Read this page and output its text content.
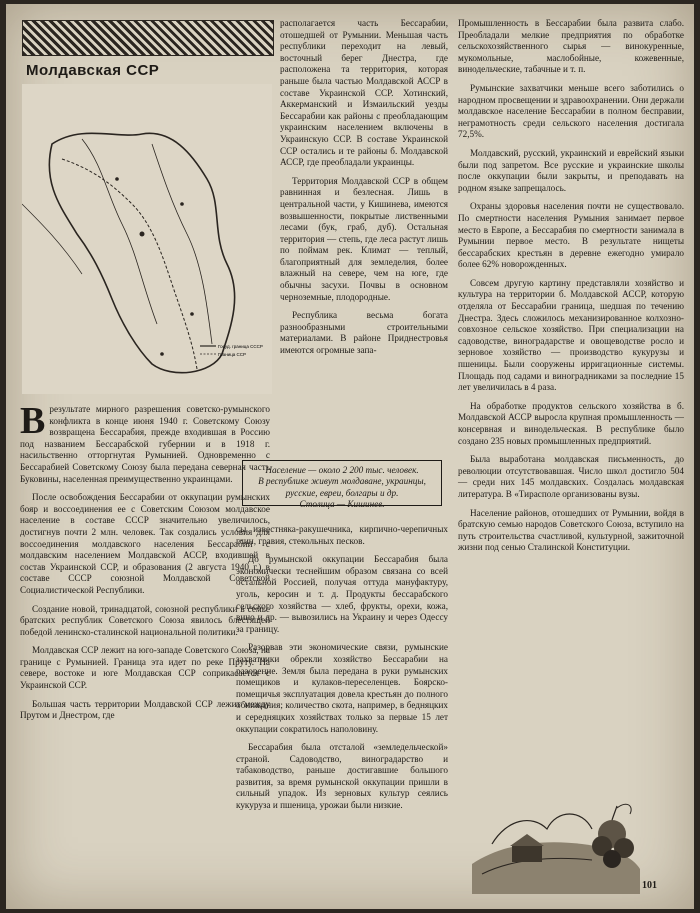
Молдавская ССР
Госуд. граница СССР
Граница ССР

Врезультате мирного разрешения советско-румынского конфликта в конце июня 1940 г. Советскому Союзу возвращена Бессарабия, прежде входившая в Россию под названием Бессарабской губернии и в 1918 г. насильственно отторгнутая Румынией. Одновременно с Бессарабией Советскому Союзу была передана северная часть Буковины, населенная преимущественно украинцами.

После освобождения Бессарабии от оккупации румынских бояр и воссоединения ее с Советским Союзом молдавское население в составе СССР значительно увеличилось, достигнув почти 2 млн. человек. Так создались условия для воссоединения молдавского населения Бессарабии с молдавским населением Молдавской АССР, входившей в состав Украинской ССР, и образования (2 августа 1940 г.) в составе СССР союзной Молдавской Советской Социалистической Республики.

Создание новой, тринадцатой, союзной республики в семье братских республик Советского Союза явилось блестящей победой ленинско-сталинской национальной политики.

Молдавская ССР лежит на юго-западе Советского Союза, на границе с Румынией. Граница эта идет по реке Пруту. На севере, востоке и юге Молдавская ССР соприкасается с Украинской ССР.

Большая часть территории Молдавской ССР лежит между Прутом и Днестром, где

располагается часть Бессарабии, отошедшей от Румынии. Меньшая часть республики переходит на левый, восточный берег Днестра, где расположена та территория, которая раньше была частью Молдавской АССР в составе Украинской ССР. Хотинский, Аккерманский и Измаильский уезды Бессарабии как районы с преобладающим украинским населением включены в Украинскую ССР. В составе Украинской ССР остались и те районы б. Молдавской АССР, где преобладали украинцы.

Территория Молдавской ССР в общем равнинная и безлесная. Лишь в центральной части, у Кишинева, имеются возвышенности, покрытые лиственными лесами (бук, граб, дуб). Остальная территория — степь, где леса растут лишь по поймам рек. Климат — теплый, благоприятный для земледелия, более влажный на севере, чем на юге, где обычны засухи. Почвы в основном черноземные, плодородные.

Республика весьма богата разнообразными строительными материалами. В районе Приднестровья имеются огромные запа-

Население — около 2 200 тыс. человек.
В республике живут молдаване, украинцы, русские, евреи, болгары и др.
Столица — Кишинев.

сы известняка-ракушечника, кирпично-черепичных глин, гравия, стекольных песков.

До румынской оккупации Бессарабия была экономически теснейшим образом связана со всей остальной Россией, получая оттуда мануфактуру, уголь, керосин и т. д. Продукты бессарабского сельского хозяйства — хлеб, фрукты, орехи, кожа, вино и др. — вывозились на Украину и через Одессу за границу.

Разорвав эти экономические связи, румынские захватчики обрекли хозяйство Бессарабии на разорение. Земля была передана в руки румынских помещиков и кулаков-переселенцев. Боярско-помещичья эксплуатация довела крестьян до полного обнищания; количество скота, например, в бедняцких и середняцких хозяйствах только за первые 15 лет оккупации сократилось наполовину.

Бессарабия была отсталой «земледельческой» страной. Садоводство, виноградарство и табаководство, раньше достигавшие большого развития, за время румынской оккупации пришли в сильный упадок. Из зерновых культур сеялись кукуруза и пшеница, урожаи были низкие.

Промышленность в Бессарабии была развита слабо. Преобладали мелкие предприятия по обработке сельскохозяйственного сырья — винокуренные, мукомольные, маслобойные, кожевенные, винодельческие, табачные и т. п.

Румынские захватчики меньше всего заботились о народном просвещении и здравоохранении. Они держали молдавское население Бессарабии в полном бесправии, неграмотность среди сельского населения достигала 72,5%.

Молдавский, русский, украинский и еврейский языки были под запретом. Все русские и украинские школы после оккупации были закрыты, и преподавать на родном языке запрещалось.

Охраны здоровья населения почти не существовало. По смертности населения Румыния занимает первое место в Европе, а Бессарабия по смертности занимала в Румынии первое место. В результате нищеты бессарабских крестьян в деревне ежегодно умирало более 62% новорожденных.

Совсем другую картину представляли хозяйство и культура на территории б. Молдавской АССР, которую отделяла от Бессарабии граница, шедшая по течению Днестра. Здесь сложилось механизированное колхозно-совхозное сельское хозяйство. При специализации на садоводстве, виноградарстве и овощеводстве росло и зерновое хозяйство — производство кукурузы и пшеницы. Были сооружены ирригационные системы. Площадь под садами и виноградниками за последние 15 лет увеличилась в 4 раза.

На обработке продуктов сельского хозяйства в б. Молдавской АССР выросла крупная промышленность — консервная и винодельческая. В республике было создано 235 новых промышленных предприятий.

Была выработана молдавская письменность, до революции отсутствовавшая. Число школ достигло 504 — среди них 145 молдавских. Создалась молдавская литература. В «Тирасполе организованы вузы.

Население районов, отошедших от Румынии, войдя в братскую семью народов Советского Союза, вступило на путь строительства счастливой, культурной, зажиточной жизни под сенью Сталинской Конституции.

101
